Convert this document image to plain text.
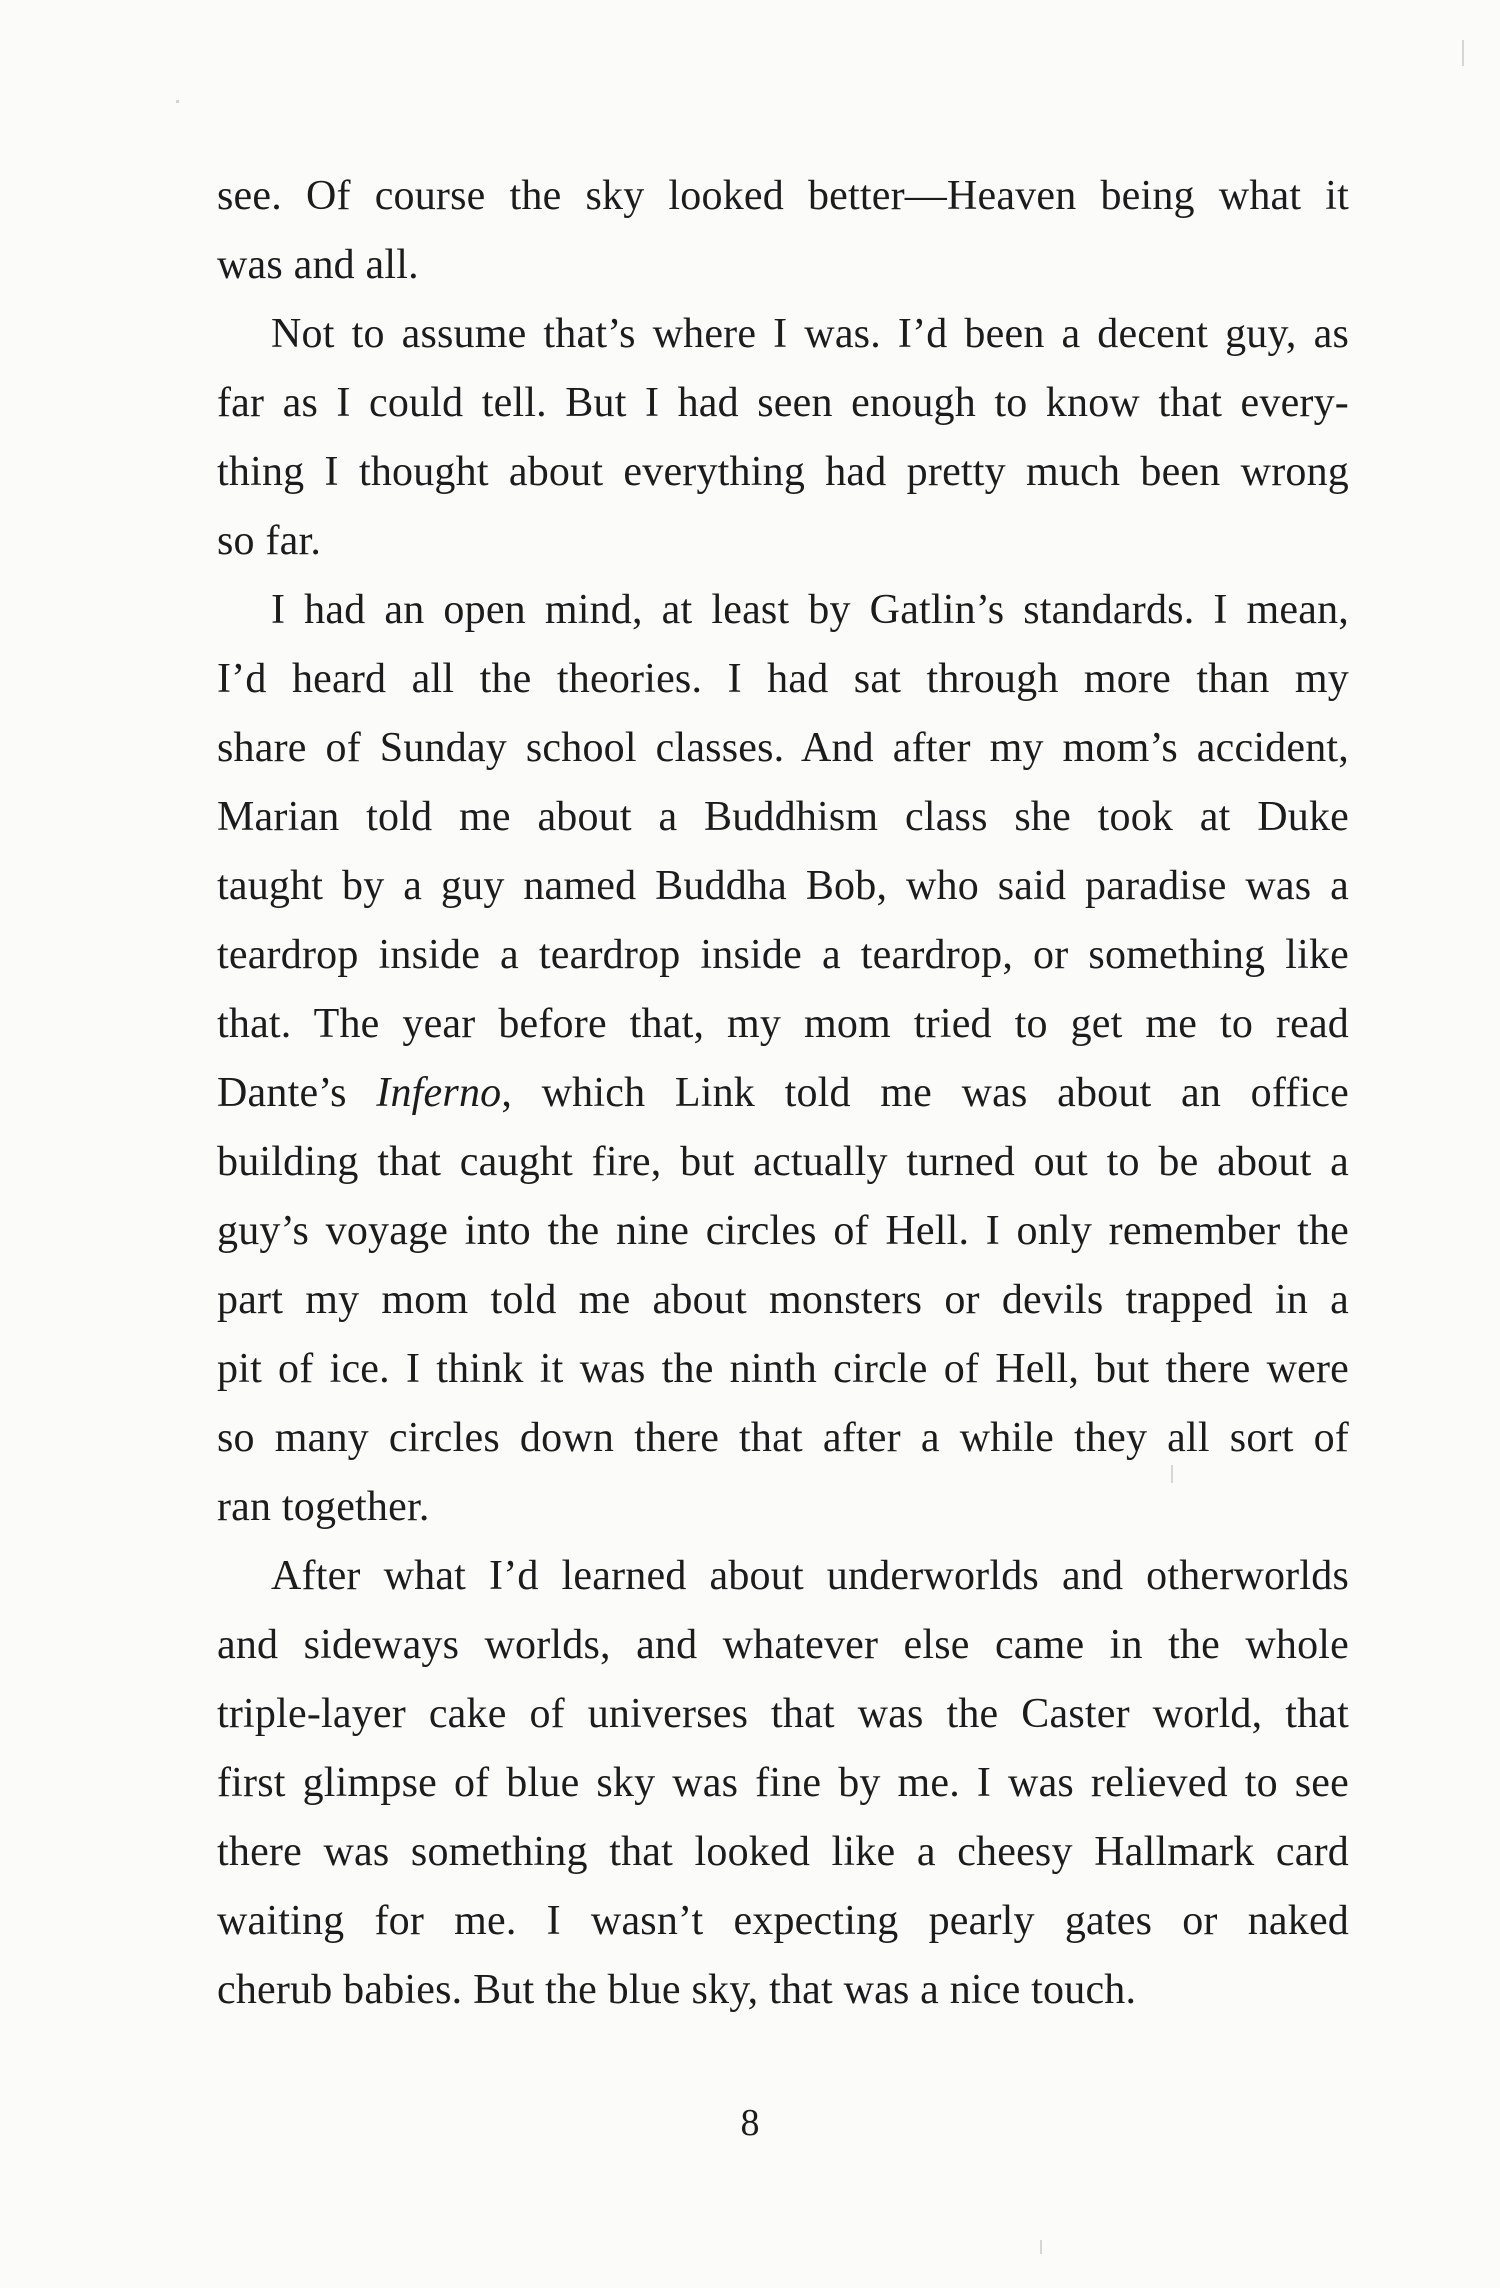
see. Of course the sky looked better—Heaven being what it
was and all.
Not to assume that’s where I was. I’d been a decent guy, as
far as I could tell. But I had seen enough to know that every-
thing I thought about everything had pretty much been wrong
so far.
I had an open mind, at least by Gatlin’s standards. I mean,
I’d heard all the theories. I had sat through more than my
share of Sunday school classes. And after my mom’s accident,
Marian told me about a Buddhism class she took at Duke
taught by a guy named Buddha Bob, who said paradise was a
teardrop inside a teardrop inside a teardrop, or something like
that. The year before that, my mom tried to get me to read
Dante’s Inferno, which Link told me was about an office
building that caught fire, but actually turned out to be about a
guy’s voyage into the nine circles of Hell. I only remember the
part my mom told me about monsters or devils trapped in a
pit of ice. I think it was the ninth circle of Hell, but there were
so many circles down there that after a while they all sort of
ran together.
After what I’d learned about underworlds and otherworlds
and sideways worlds, and whatever else came in the whole
triple-layer cake of universes that was the Caster world, that
first glimpse of blue sky was fine by me. I was relieved to see
there was something that looked like a cheesy Hallmark card
waiting for me. I wasn’t expecting pearly gates or naked
cherub babies. But the blue sky, that was a nice touch.
8
